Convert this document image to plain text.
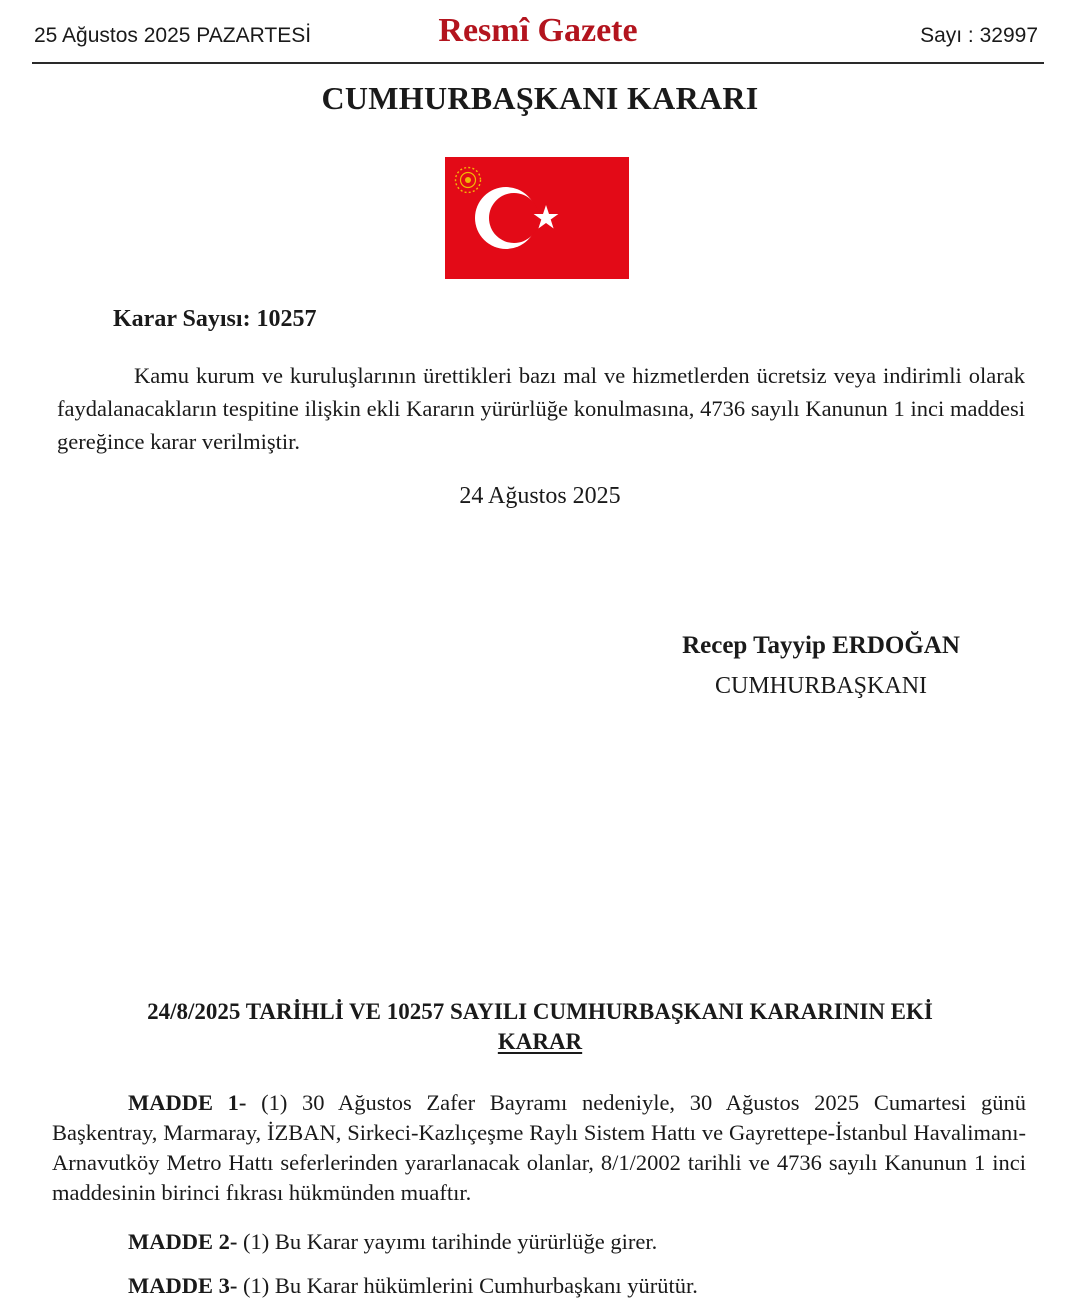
25 Ağustos 2025 PAZARTESİ	Resmî Gazete	Sayı : 32997
CUMHURBAŞKANI KARARI
Karar Sayısı: 10257

Kamu kurum ve kuruluşlarının ürettikleri bazı mal ve hizmetlerden ücretsiz veya indirimli olarak faydalanacakların tespitine ilişkin ekli Kararın yürürlüğe konulmasına, 4736 sayılı Kanunun 1 inci maddesi gereğince karar verilmiştir.

24 Ağustos 2025
Recep Tayyip ERDOĞAN
CUMHURBAŞKANI
24/8/2025 TARİHLİ VE 10257 SAYILI CUMHURBAŞKANI KARARININ EKİ
KARAR

MADDE 1- (1) 30 Ağustos Zafer Bayramı nedeniyle, 30 Ağustos 2025 Cumartesi günü Başkentray, Marmaray, İZBAN, Sirkeci-Kazlıçeşme Raylı Sistem Hattı ve Gayrettepe-İstanbul Havalimanı-Arnavutköy Metro Hattı seferlerinden yararlanacak olanlar, 8/1/2002 tarihli ve 4736 sayılı Kanunun 1 inci maddesinin birinci fıkrası hükmünden muaftır.

MADDE 2- (1) Bu Karar yayımı tarihinde yürürlüğe girer.

MADDE 3- (1) Bu Karar hükümlerini Cumhurbaşkanı yürütür.
